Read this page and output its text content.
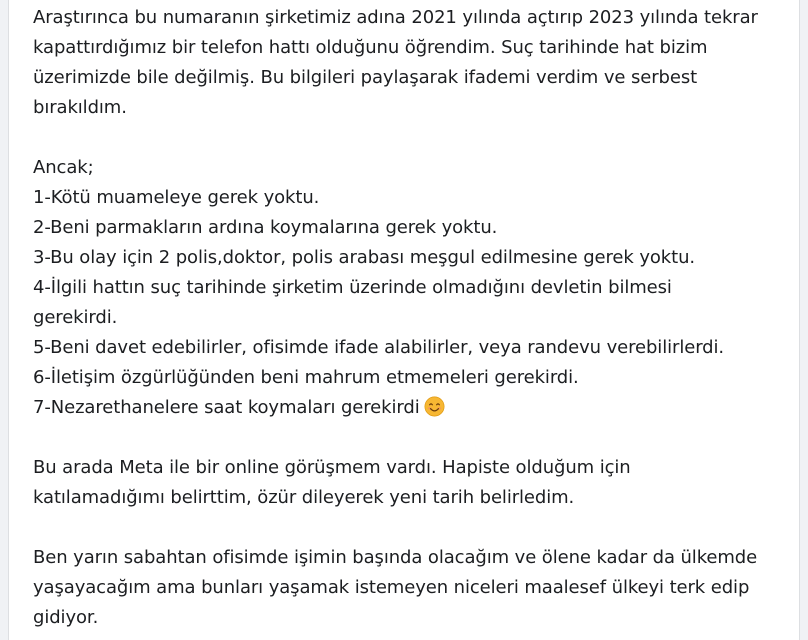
Araştırınca bu numaranın şirketimiz adına 2021 yılında açtırıp 2023 yılında tekrar
kapattırdığımız bir telefon hattı olduğunu öğrendim. Suç tarihinde hat bizim
üzerimizde bile değilmiş. Bu bilgileri paylaşarak ifademi verdim ve serbest
bırakıldım.

Ancak;
1-Kötü muameleye gerek yoktu.
2-Beni parmakların ardına koymalarına gerek yoktu.
3-Bu olay için 2 polis,doktor, polis arabası meşgul edilmesine gerek yoktu.
4-İlgili hattın suç tarihinde şirketim üzerinde olmadığını devletin bilmesi
gerekirdi.
5-Beni davet edebilirler, ofisimde ifade alabilirler, veya randevu verebilirlerdi.
6-İletişim özgürlüğünden beni mahrum etmemeleri gerekirdi.
7-Nezarethanelere saat koymaları gerekirdi

Bu arada Meta ile bir online görüşmem vardı. Hapiste olduğum için
katılamadığımı belirttim, özür dileyerek yeni tarih belirledim.

Ben yarın sabahtan ofisimde işimin başında olacağım ve ölene kadar da ülkemde
yaşayacağım ama bunları yaşamak istemeyen niceleri maalesef ülkeyi terk edip
gidiyor.
